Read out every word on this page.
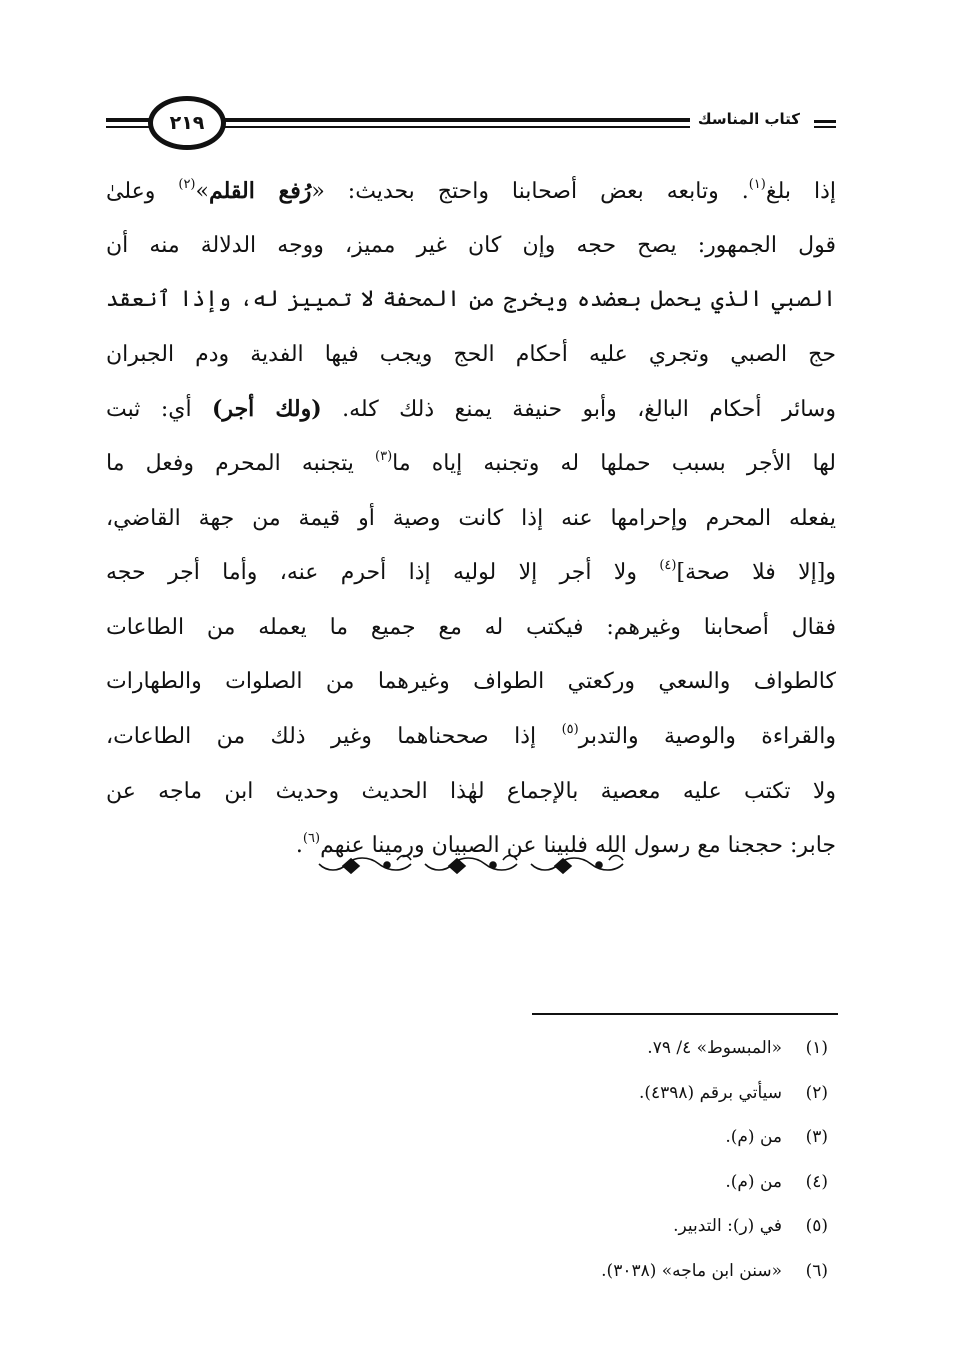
٢١٩	كتاب المناسك
إذا بلغ$^{(١)}$. وتابعه بعض أصحابنا واحتج بحديث: «رُفع القلم»$^{(٢)}$ وعلىٰ
قول الجمهور: يصح حجه وإن كان غير مميز، ووجه الدلالة منه أن
الصبي الذي يحمل بعضده ويخرج من المحفة لا تمييز له، وإذا ٱنعقد
حج الصبي وتجري عليه أحكام الحج ويجب فيها الفدية ودم الجبران
وسائر أحكام البالغ، وأبو حنيفة يمنع ذلك كله. (ولك أجر) أي: ثبت
لها الأجر بسبب حملها له وتجنبه إياه ما$^{(٣)}$ يتجنبه المحرم وفعل ما
يفعله المحرم وإحرامها عنه إذا كانت وصية أو قيمة من جهة القاضي،
و[إلا فلا صحة]$^{(٤)}$ ولا أجر إلا لوليه إذا أحرم عنه، وأما أجر حجه
فقال أصحابنا وغيرهم: فيكتب له مع جميع ما يعمله من الطاعات
كالطواف والسعي وركعتي الطواف وغيرهما من الصلوات والطهارات
والقراءة والوصية والتدبر$^{(٥)}$ إذا صححناهما وغير ذلك من الطاعات،
ولا تكتب عليه معصية بالإجماع لهٰذا الحديث وحديث ابن ماجه عن
جابر: حججنا مع رسول الله فلبينا عن الصبيان ورمينا عنهم$^{(٦)}$.
(١)«المبسوط» ٤/ ٧٩.
(٢)سيأتي برقم (٤٣٩٨).
(٣)من (م).
(٤)من (م).
(٥)في (ر): التدبير.
(٦)«سنن ابن ماجه» (٣٠٣٨).
